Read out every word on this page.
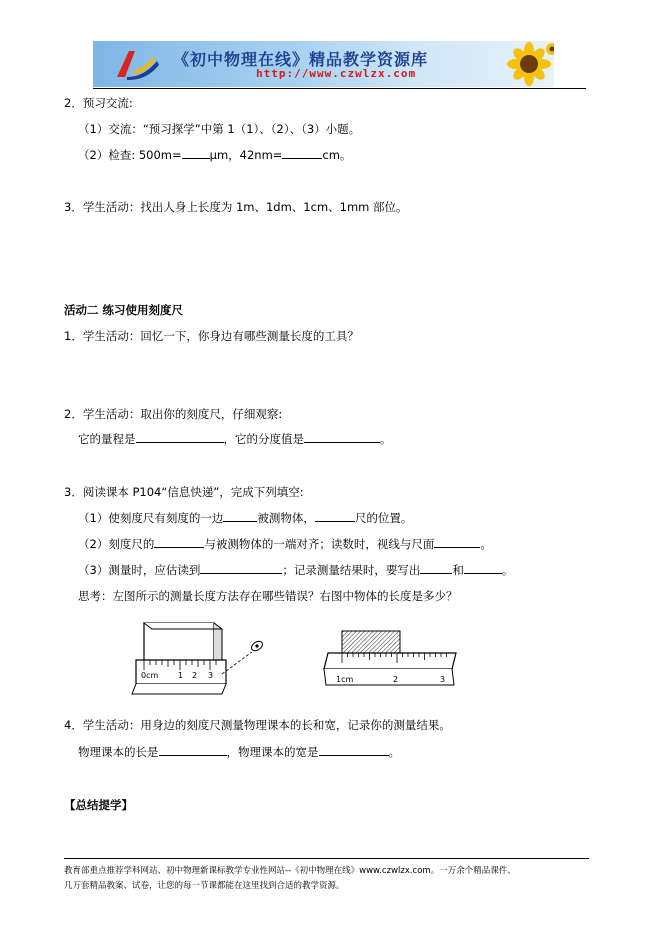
《初中物理在线》精品教学资源库
http://www.czwlzx.com
2．预习交流:
（1）交流：“预习探学”中第 1（1）、（2）、（3）小题。
（2）检查: 500m= μm，42nm=	cm。
3．学生活动：找出人身上长度为 1m、1dm、1cm、1mm 部位。
活动二 练习使用刻度尺
1．学生活动：回忆一下，你身边有哪些测量长度的工具？
2．学生活动：取出你的刻度尺，仔细观察:
它的量程是	，它的分度值是	。
3．阅读课本 P104“信息快递”，完成下列填空:
（1）使刻度尺有刻度的一边	被测物体，	尺的位置。
（2）刻度尺的	与被测物体的一端对齐；读数时，视线与尺面	。
（3）测量时，应估读到	；记录测量结果时，要写出	和	。
思考：左图所示的测量长度方法存在哪些错误？右图中物体的长度是多少？
0cm 1 2 3	1cm	2	3
4．学生活动：用身边的刻度尺测量物理课本的长和宽，记录你的测量结果。
物理课本的长是	，物理课本的宽是	。
【总结提学】
教育部重点推荐学科网站、初中物理新课标教学专业性网站--《初中物理在线》www.czwlzx.com。一万余个精品课件、
几万套精品教案、试卷，让您的每一节课都能在这里找到合适的教学资源。
